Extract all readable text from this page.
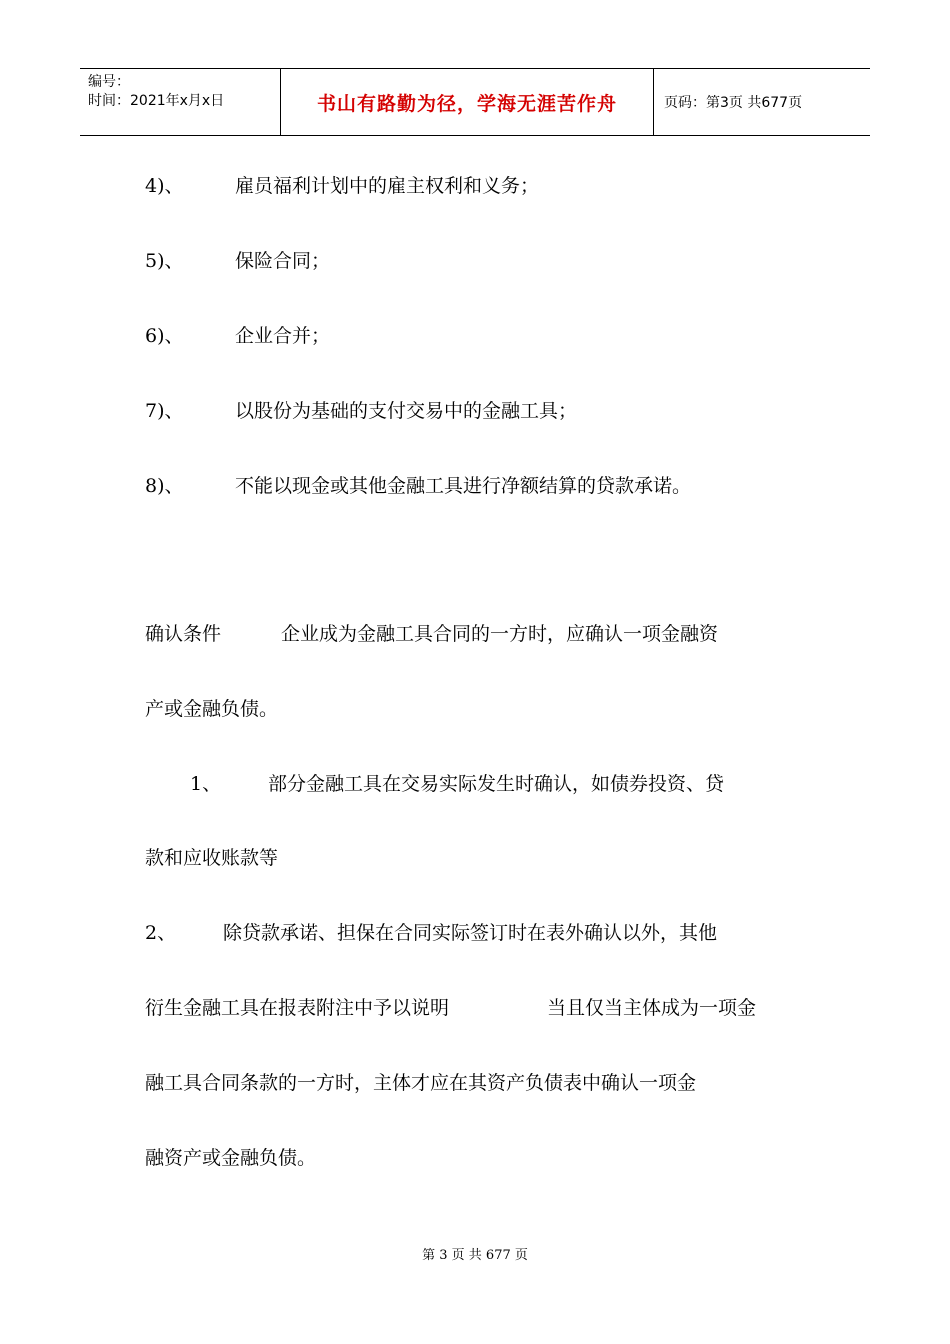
编号：
时间：2021年x月x日	书山有路勤为径，学海无涯苦作舟	页码：第3页 共677页
4)、	雇员福利计划中的雇主权利和义务；
5)、	保险合同；
6)、	企业合并；
7)、	以股份为基础的支付交易中的金融工具；
8)、	不能以现金或其他金融工具进行净额结算的贷款承诺。
确认条件	企业成为金融工具合同的一方时，应确认一项金融资
产或金融负债。
1、 部分金融工具在交易实际发生时确认，如债券投资、贷
款和应收账款等
2、 除贷款承诺、担保在合同实际签订时在表外确认以外，其他
衍生金融工具在报表附注中予以说明	当且仅当主体成为一项金
融工具合同条款的一方时，主体才应在其资产负债表中确认一项金
融资产或金融负债。
第 3 页 共 677 页
